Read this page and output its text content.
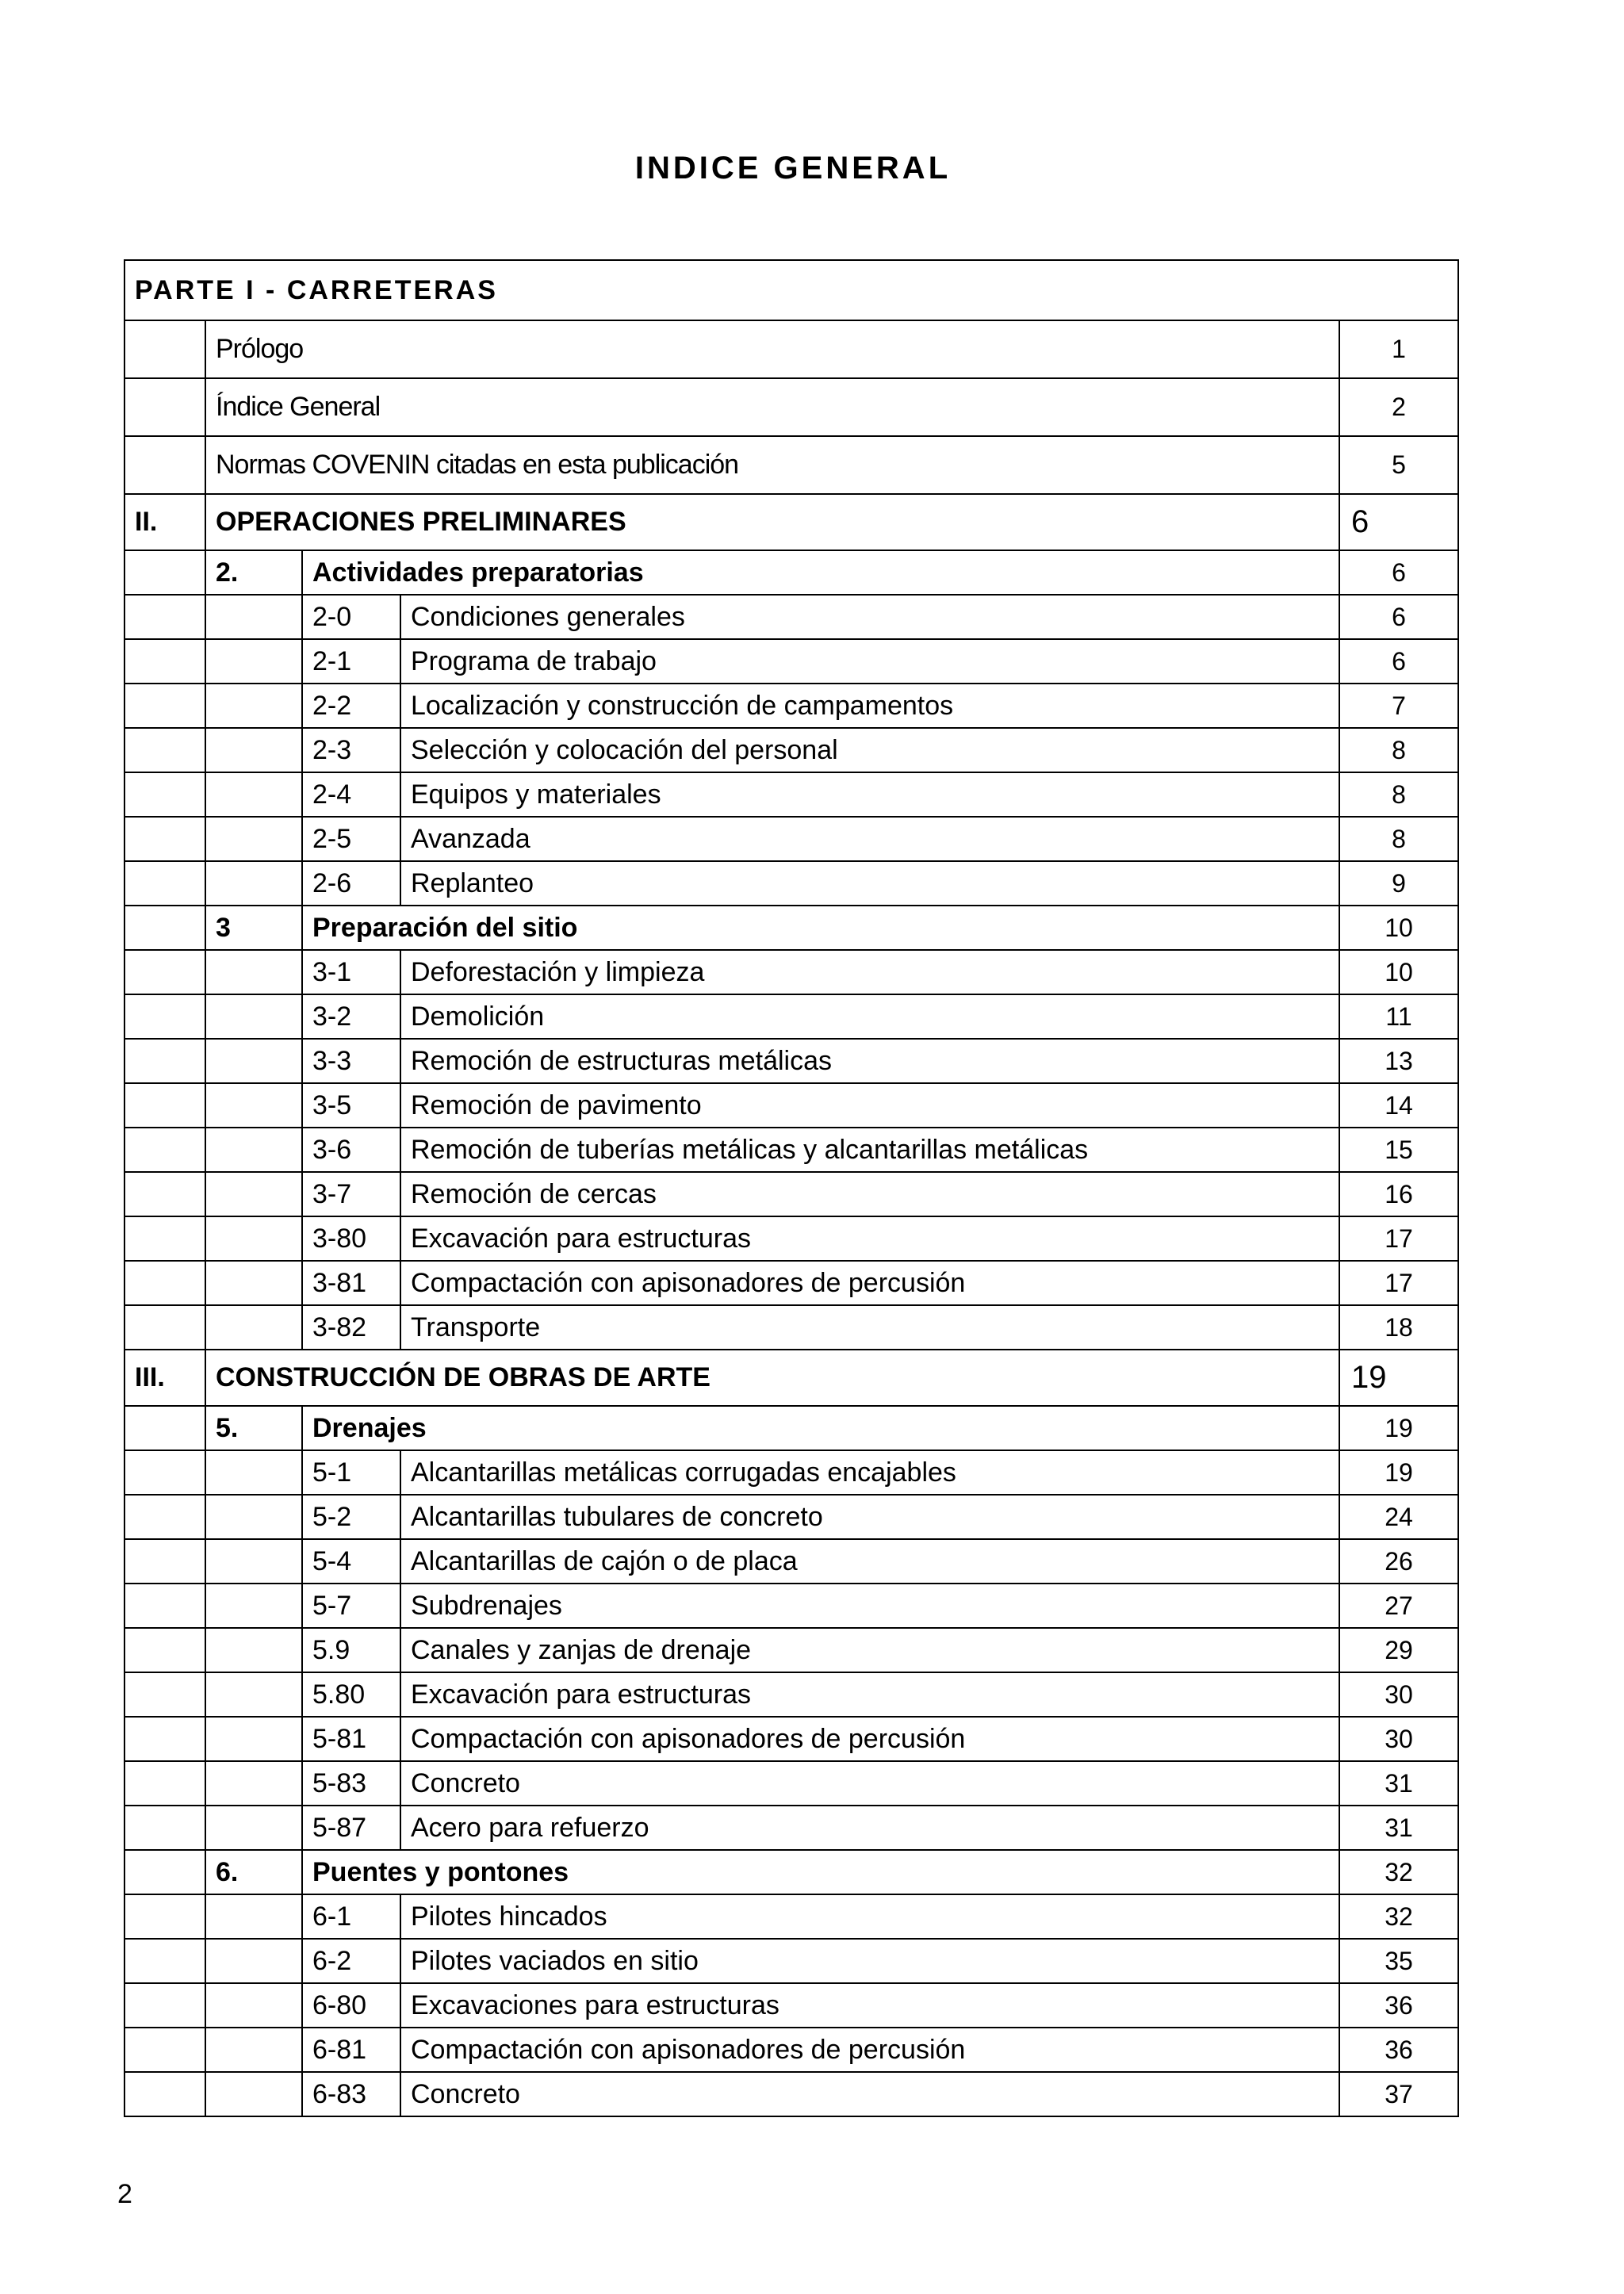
INDICE GENERAL
PARTE I - CARRETERAS				
	Prólogo			1
	Índice General			2
	Normas COVENIN citadas en esta publicación			5
II.	OPERACIONES PRELIMINARES			6
	2.	Actividades preparatorias		6
		2-0	Condiciones generales	6
		2-1	Programa de trabajo	6
		2-2	Localización y construcción de campamentos	7
		2-3	Selección y colocación del personal	8
		2-4	Equipos y materiales	8
		2-5	Avanzada	8
		2-6	Replanteo	9
	3	Preparación del sitio		10
		3-1	Deforestación y limpieza	10
		3-2	Demolición	11
		3-3	Remoción de estructuras metálicas	13
		3-5	Remoción de pavimento	14
		3-6	Remoción de tuberías metálicas y alcantarillas metálicas	15
		3-7	Remoción de cercas	16
		3-80	Excavación para estructuras	17
		3-81	Compactación con apisonadores de percusión	17
		3-82	Transporte	18
III.	CONSTRUCCIÓN DE OBRAS DE ARTE			19
	5.	Drenajes		19
		5-1	Alcantarillas metálicas corrugadas encajables	19
		5-2	Alcantarillas tubulares de concreto	24
		5-4	Alcantarillas de cajón o de placa	26
		5-7	Subdrenajes	27
		5.9	Canales y zanjas de drenaje	29
		5.80	Excavación para estructuras	30
		5-81	Compactación con apisonadores de percusión	30
		5-83	Concreto	31
		5-87	Acero para refuerzo	31
	6.	Puentes y pontones		32
		6-1	Pilotes hincados	32
		6-2	Pilotes vaciados en sitio	35
		6-80	Excavaciones para estructuras	36
		6-81	Compactación con apisonadores de percusión	36
		6-83	Concreto	37
2
